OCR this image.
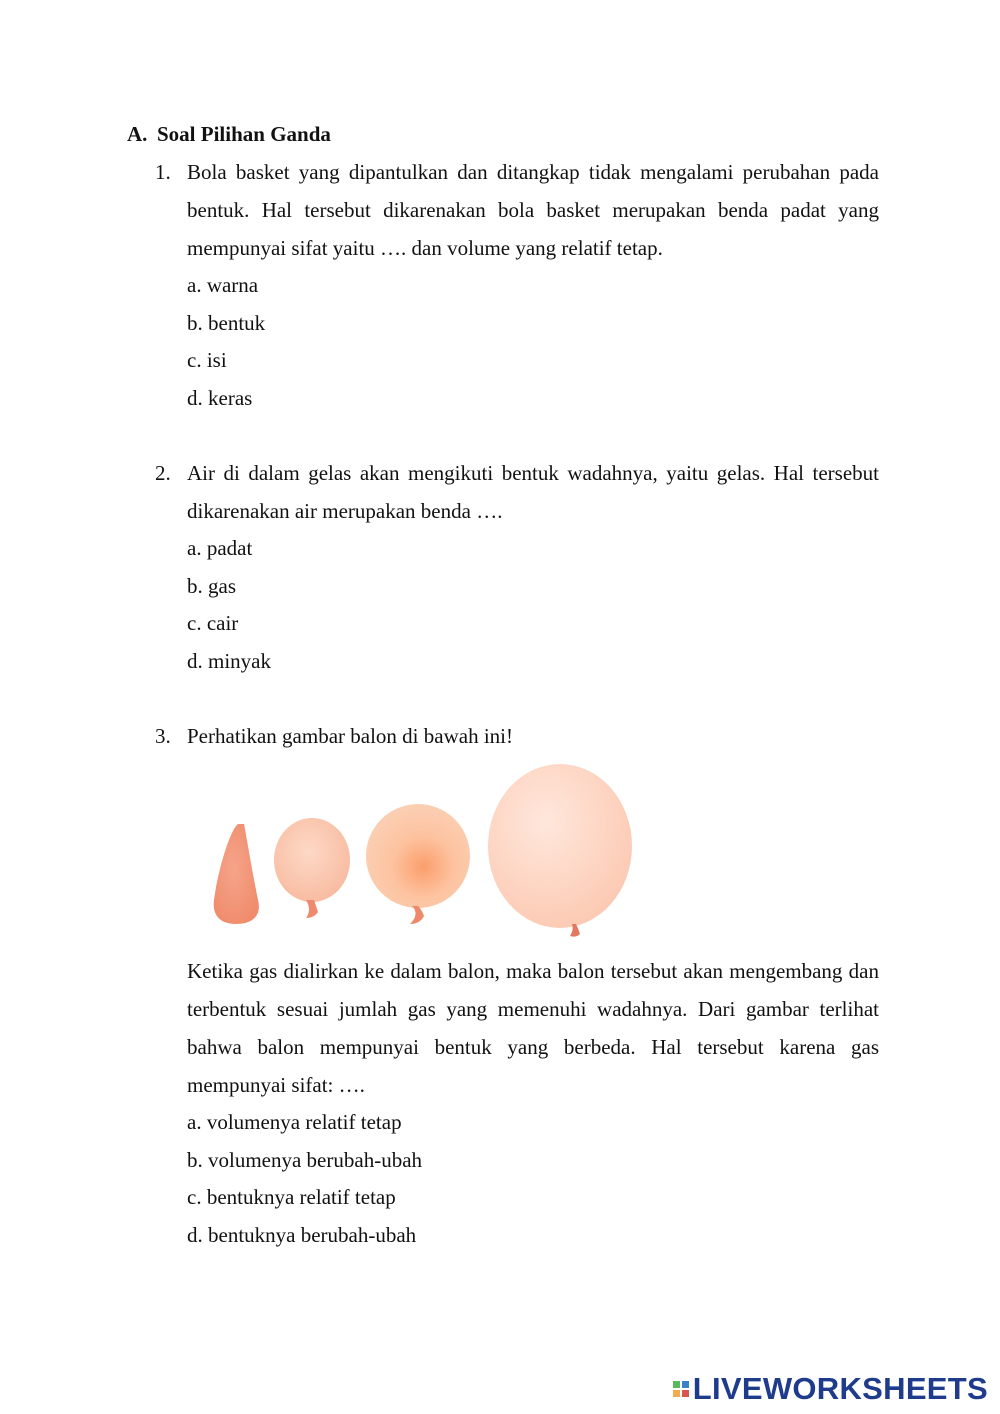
A. Soal Pilihan Ganda
1. Bola basket yang dipantulkan dan ditangkap tidak mengalami perubahan pada bentuk. Hal tersebut dikarenakan bola basket merupakan benda padat yang mempunyai sifat yaitu …. dan volume yang relatif tetap.
a. warna
b. bentuk
c. isi
d. keras
2. Air di dalam gelas akan mengikuti bentuk wadahnya, yaitu gelas. Hal tersebut dikarenakan air merupakan benda ….
a. padat
b. gas
c. cair
d. minyak
3. Perhatikan gambar balon di bawah ini!
Ketika gas dialirkan ke dalam balon, maka balon tersebut akan mengembang dan terbentuk sesuai jumlah gas yang memenuhi wadahnya. Dari gambar terlihat bahwa balon mempunyai bentuk yang berbeda. Hal tersebut karena gas mempunyai sifat: ….
a. volumenya relatif tetap
b. volumenya berubah-ubah
c. bentuknya relatif tetap
d. bentuknya berubah-ubah
LIVEWORKSHEETS
